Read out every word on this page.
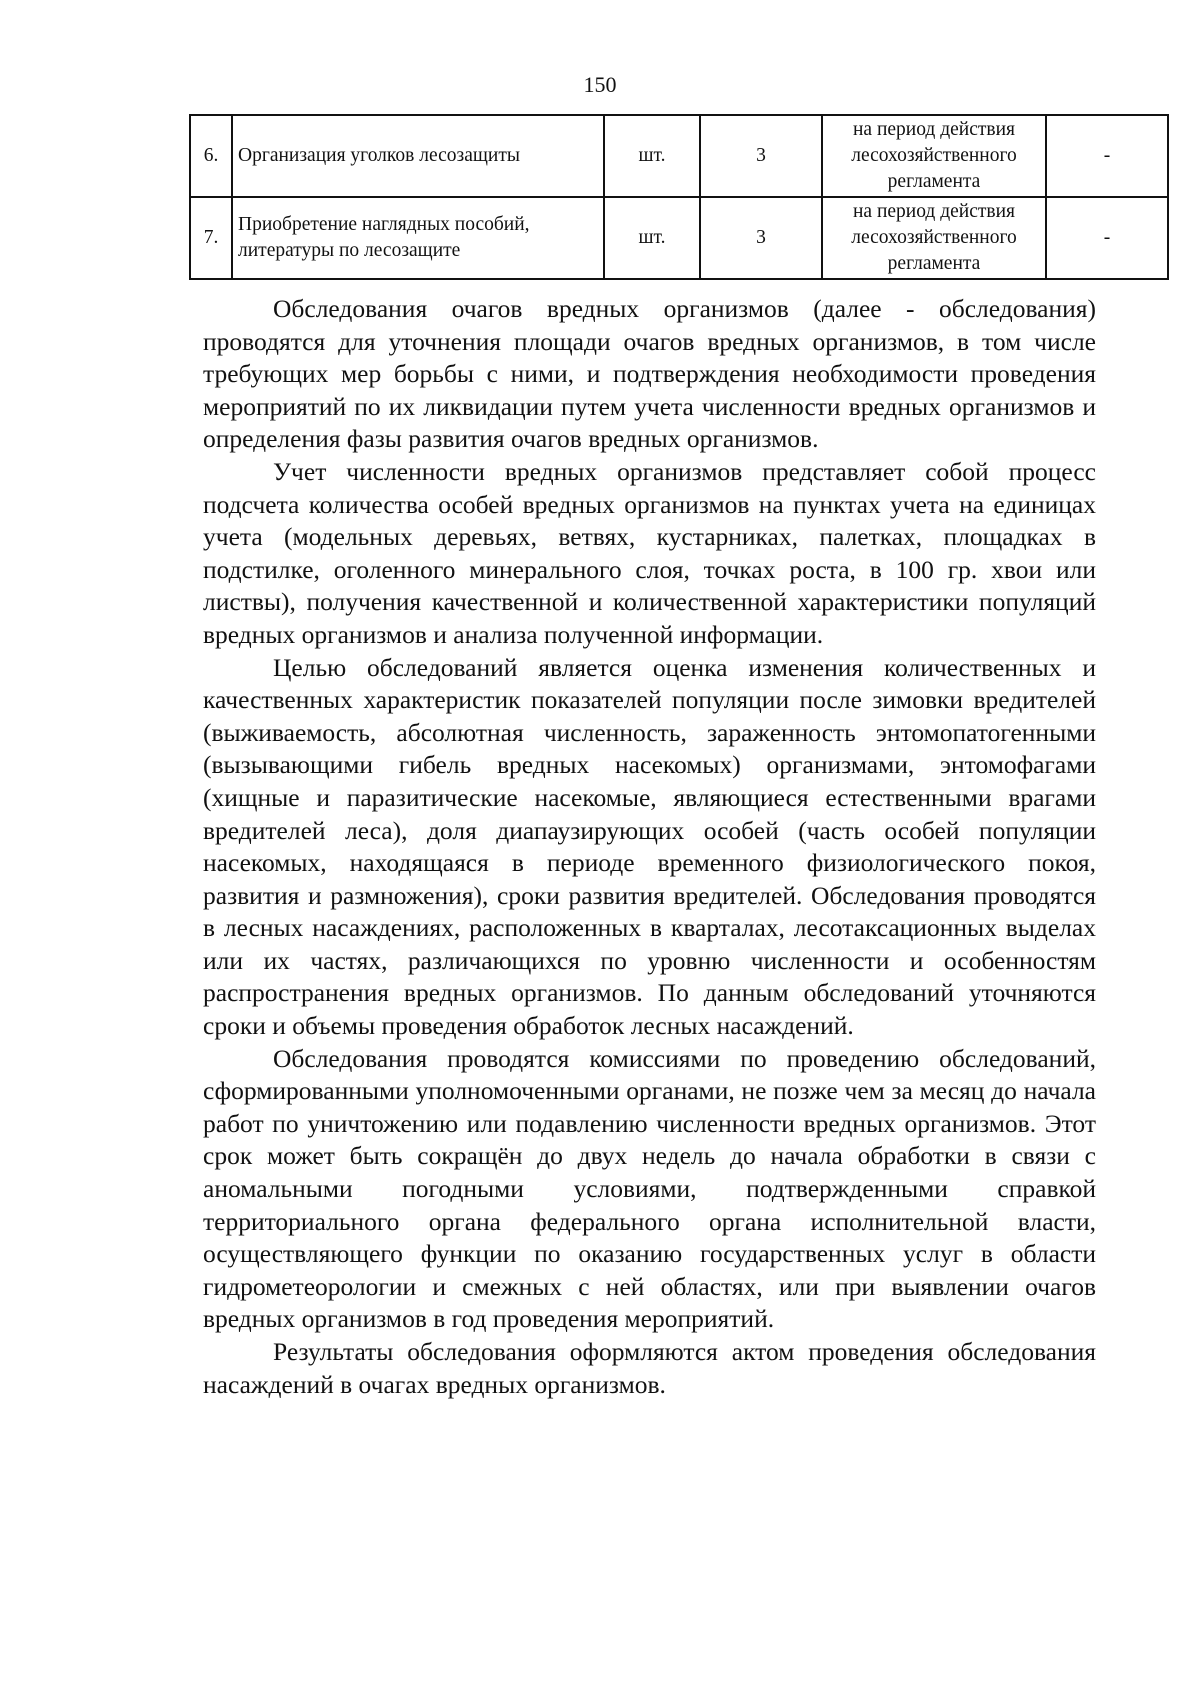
150
6.	Организация уголков лесозащиты	шт.	3	на период действия лесохозяйственного регламента	-
7.	Приобретение наглядных пособий, литературы по лесозащите	шт.	3	на период действия лесохозяйственного регламента	-

Обследования очагов вредных организмов (далее - обследования) проводятся для уточнения площади очагов вредных организмов, в том числе требующих мер борьбы с ними, и подтверждения необходимости проведения мероприятий по их ликвидации путем учета численности вредных организмов и определения фазы развития очагов вредных организмов.

Учет численности вредных организмов представляет собой процесс подсчета количества особей вредных организмов на пунктах учета на единицах учета (модельных деревьях, ветвях, кустарниках, палетках, площадках в подстилке, оголенного минерального слоя, точках роста, в 100 гр. хвои или листвы), получения качественной и количественной характеристики популяций вредных организмов и анализа полученной информации.

Целью обследований является оценка изменения количественных и качественных характеристик показателей популяции после зимовки вредителей (выживаемость, абсолютная численность, зараженность энтомопатогенными (вызывающими гибель вредных насекомых) организмами, энтомофагами (хищные и паразитические насекомые, являющиеся естественными врагами вредителей леса), доля диапаузирующих особей (часть особей популяции насекомых, находящаяся в периоде временного физиологического покоя, развития и размножения), сроки развития вредителей. Обследования проводятся в лесных насаждениях, расположенных в кварталах, лесотаксационных выделах или их частях, различающихся по уровню численности и особенностям распространения вредных организмов. По данным обследований уточняются сроки и объемы проведения обработок лесных насаждений.

Обследования проводятся комиссиями по проведению обследований, сформированными уполномоченными органами, не позже чем за месяц до начала работ по уничтожению или подавлению численности вредных организмов. Этот срок может быть сокращён до двух недель до начала обработки в связи с аномальными погодными условиями, подтвержденными справкой территориального органа федерального органа исполнительной власти, осуществляющего функции по оказанию государственных услуг в области гидрометеорологии и смежных с ней областях, или при выявлении очагов вредных организмов в год проведения мероприятий.

Результаты обследования оформляются актом проведения обследования насаждений в очагах вредных организмов.
